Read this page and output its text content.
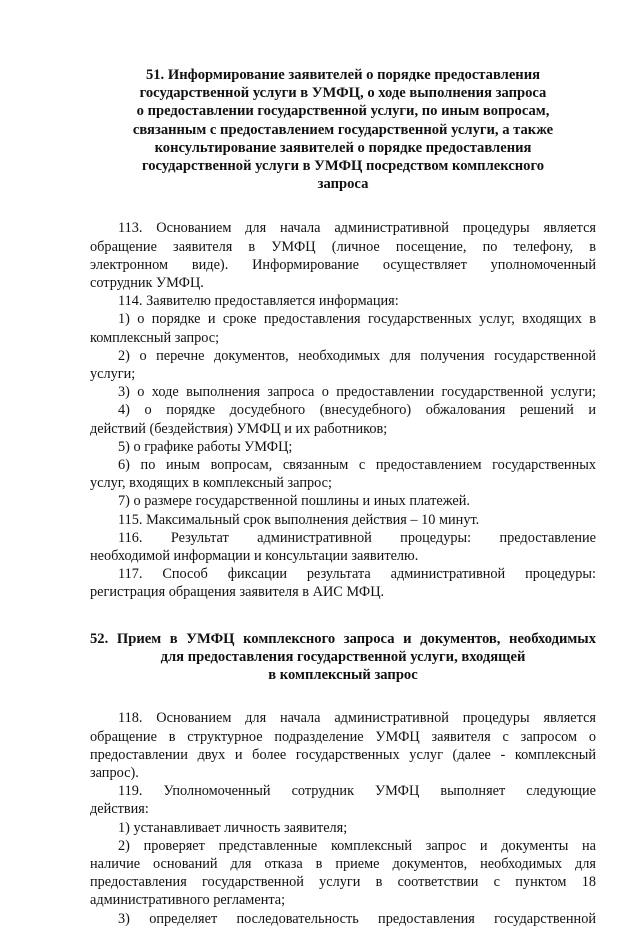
51. Информирование заявителей о порядке предоставления
государственной услуги в УМФЦ, о ходе выполнения запроса
о предоставлении государственной услуги, по иным вопросам,
связанным с предоставлением государственной услуги, а также
консультирование заявителей о порядке предоставления
государственной услуги в УМФЦ посредством комплексного
запроса

113. Основанием для начала административной процедуры является
обращение заявителя в УМФЦ (личное посещение, по телефону, в
электронном виде). Информирование осуществляет уполномоченный
сотрудник УМФЦ.

114. Заявителю предоставляется информация:

1) о порядке и сроке предоставления государственных услуг, входящих в
комплексный запрос;

2) о перечне документов, необходимых для получения государственной
услуги;

3) о ходе выполнения запроса о предоставлении государственной услуги;

4) о порядке досудебного (внесудебного) обжалования решений и
действий (бездействия) УМФЦ и их работников;

5) о графике работы УМФЦ;

6) по иным вопросам, связанным с предоставлением государственных
услуг, входящих в комплексный запрос;

7) о размере государственной пошлины и иных платежей.

115. Максимальный срок выполнения действия – 10 минут.

116. Результат административной процедуры: предоставление
необходимой информации и консультации заявителю.

117. Способ фиксации результата административной процедуры:
регистрация обращения заявителя в АИС МФЦ.

52. Прием в УМФЦ комплексного запроса и документов, необходимых
для предоставления государственной услуги, входящей
в комплексный запрос

118. Основанием для начала административной процедуры является
обращение в структурное подразделение УМФЦ заявителя с запросом о
предоставлении двух и более государственных услуг (далее - комплексный
запрос).

119. Уполномоченный сотрудник УМФЦ выполняет следующие
действия:

1) устанавливает личность заявителя;

2) проверяет представленные комплексный запрос и документы на
наличие оснований для отказа в приеме документов, необходимых для
предоставления государственной услуги в соответствии с пунктом 18
административного регламента;

3) определяет последовательность предоставления государственной
